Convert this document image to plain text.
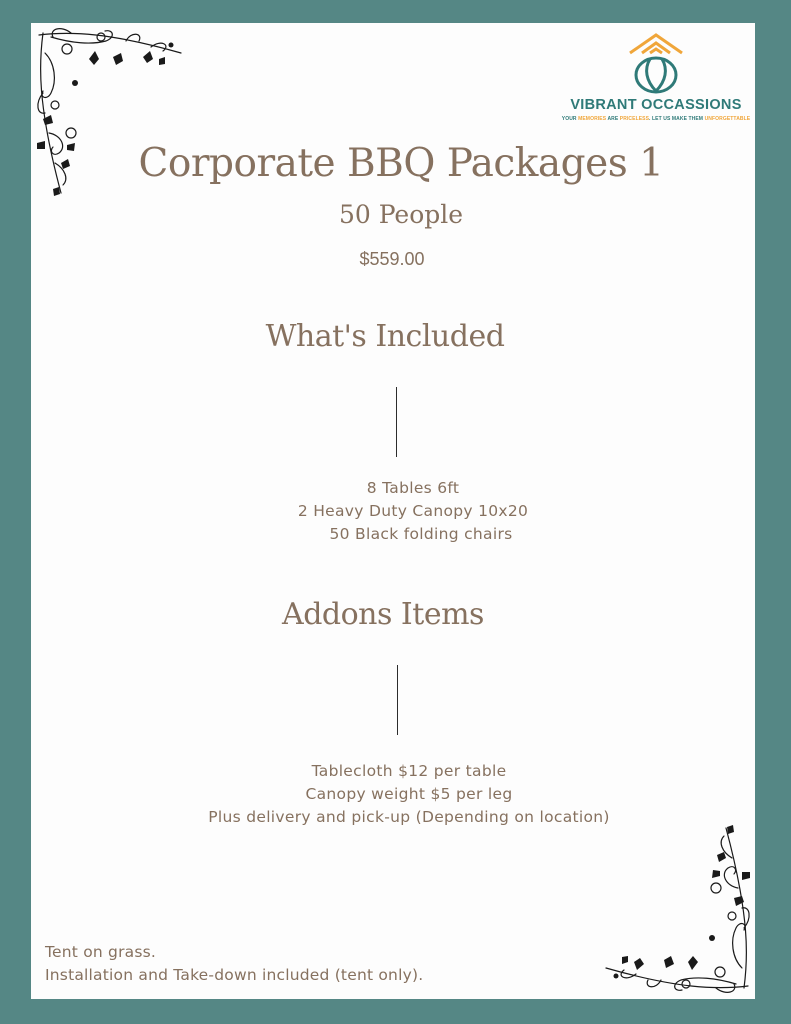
VIBRANT OCCASSIONS
YOUR MEMORIES ARE PRICELESS. LET US MAKE THEM UNFORGETTABLE
Corporate BBQ Packages 1
50 People
$559.00
What's Included
8 Tables 6ft
2 Heavy Duty Canopy 10x20
50 Black folding chairs
Addons Items
Tablecloth $12 per table
Canopy weight $5 per leg
Plus delivery and pick-up (Depending on location)
Tent on grass.
Installation and Take-down included (tent only).
